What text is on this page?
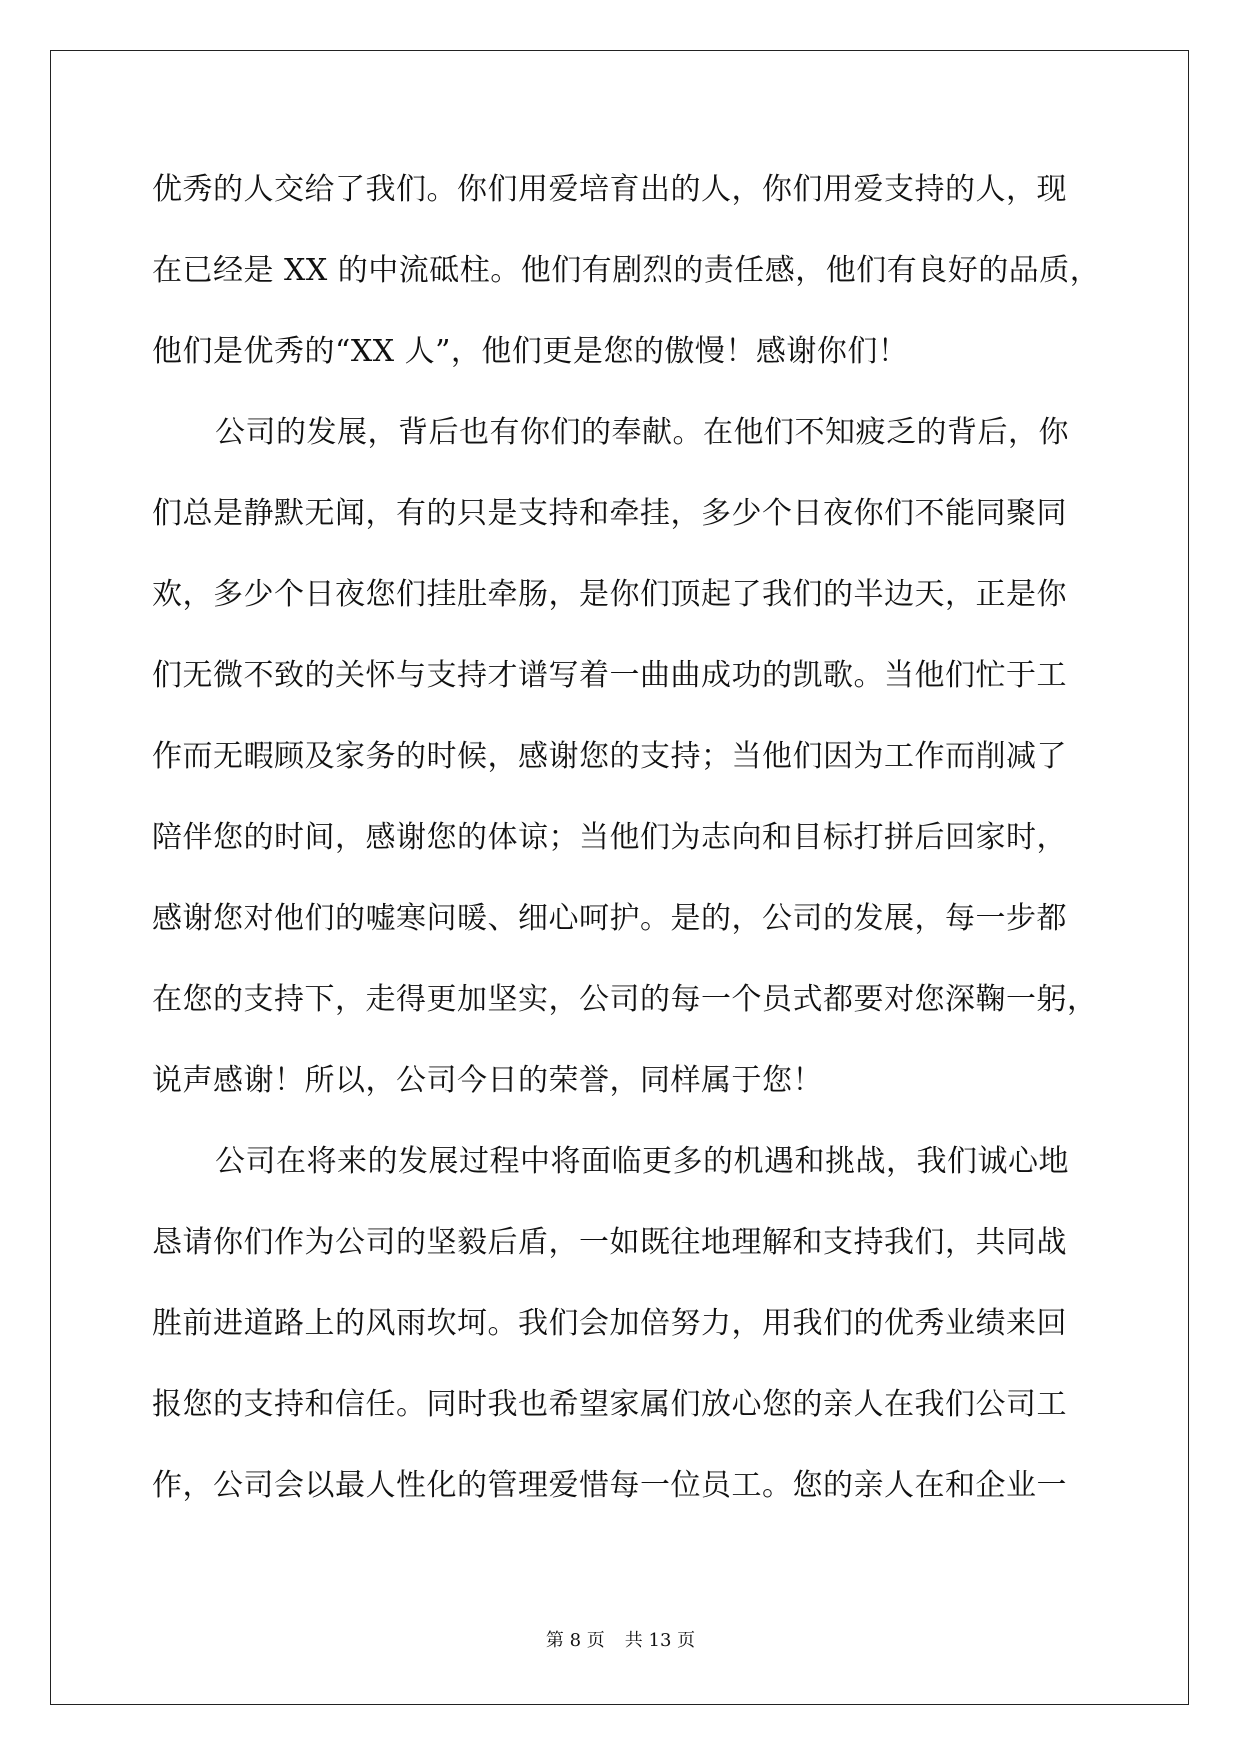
优秀的人交给了我们。你们用爱培育出的人，你们用爱支持的人，现
在已经是 XX 的中流砥柱。他们有剧烈的责任感，他们有良好的品质，
他们是优秀的“XX 人”，他们更是您的傲慢！感谢你们！
公司的发展，背后也有你们的奉献。在他们不知疲乏的背后，你
们总是静默无闻，有的只是支持和牵挂，多少个日夜你们不能同聚同
欢，多少个日夜您们挂肚牵肠，是你们顶起了我们的半边天，正是你
们无微不致的关怀与支持才谱写着一曲曲成功的凯歌。当他们忙于工
作而无暇顾及家务的时候，感谢您的支持；当他们因为工作而削减了
陪伴您的时间，感谢您的体谅；当他们为志向和目标打拼后回家时，
感谢您对他们的嘘寒问暖、细心呵护。是的，公司的发展，每一步都
在您的支持下，走得更加坚实，公司的每一个员式都要对您深鞠一躬，
说声感谢！所以，公司今日的荣誉，同样属于您！
公司在将来的发展过程中将面临更多的机遇和挑战，我们诚心地
恳请你们作为公司的坚毅后盾，一如既往地理解和支持我们，共同战
胜前进道路上的风雨坎坷。我们会加倍努力，用我们的优秀业绩来回
报您的支持和信任。同时我也希望家属们放心您的亲人在我们公司工
作，公司会以最人性化的管理爱惜每一位员工。您的亲人在和企业一
第 8 页 共 13 页
